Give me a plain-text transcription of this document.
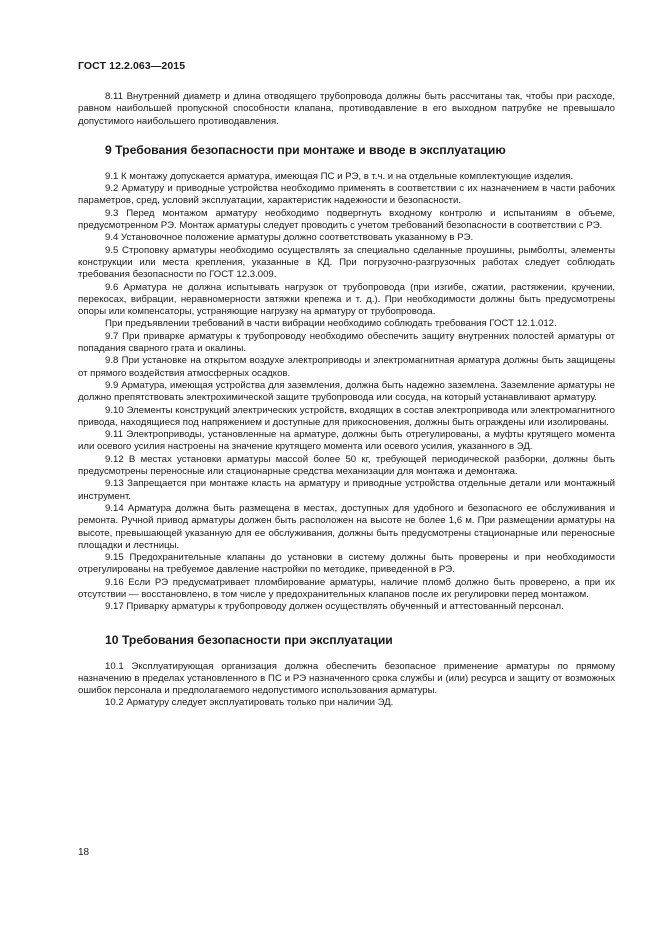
ГОСТ 12.2.063—2015

8.11 Внутренний диаметр и длина отводящего трубопровода должны быть рассчитаны так, чтобы при расходе, равном наибольшей пропускной способности клапана, противодавление в его выходном патрубке не превышало допустимого наибольшего противодавления.

9 Требования безопасности при монтаже и вводе в эксплуатацию

9.1 К монтажу допускается арматура, имеющая ПС и РЭ, в т.ч. и на отдельные комплектующие изделия.

9.2 Арматуру и приводные устройства необходимо применять в соответствии с их назначением в части рабочих параметров, сред, условий эксплуатации, характеристик надежности и безопасности.

9.3 Перед монтажом арматуру необходимо подвергнуть входному контролю и испытаниям в объеме, предусмотренном РЭ. Монтаж арматуры следует проводить с учетом требований безопасности в соответствии с РЭ.

9.4 Установочное положение арматуры должно соответствовать указанному в РЭ.

9.5 Строповку арматуры необходимо осуществлять за специально сделанные проушины, рымболты, элементы конструкции или места крепления, указанные в КД. При погрузочно-разгрузочных работах следует соблюдать требования безопасности по ГОСТ 12.3.009.

9.6 Арматура не должна испытывать нагрузок от трубопровода (при изгибе, сжатии, растяжении, кручении, перекосах, вибрации, неравномерности затяжки крепежа и т. д.). При необходимости должны быть предусмотрены опоры или компенсаторы, устраняющие нагрузку на арматуру от трубопровода.

При предъявлении требований в части вибрации необходимо соблюдать требования ГОСТ 12.1.012.

9.7 При приварке арматуры к трубопроводу необходимо обеспечить защиту внутренних полостей арматуры от попадания сварного грата и окалины.

9.8 При установке на открытом воздухе электроприводы и электромагнитная арматура должны быть защищены от прямого воздействия атмосферных осадков.

9.9 Арматура, имеющая устройства для заземления, должна быть надежно заземлена. Заземление арматуры не должно препятствовать электрохимической защите трубопровода или сосуда, на который устанавливают арматуру.

9.10 Элементы конструкций электрических устройств, входящих в состав электропривода или электромагнитного привода, находящиеся под напряжением и доступные для прикосновения, должны быть ограждены или изолированы.

9.11 Электроприводы, установленные на арматуре, должны быть отрегулированы, а муфты крутящего момента или осевого усилия настроены на значение крутящего момента или осевого усилия, указанного в ЭД.

9.12 В местах установки арматуры массой более 50 кг, требующей периодической разборки, должны быть предусмотрены переносные или стационарные средства механизации для монтажа и демонтажа.

9.13 Запрещается при монтаже класть на арматуру и приводные устройства отдельные детали или монтажный инструмент.

9.14 Арматура должна быть размещена в местах, доступных для удобного и безопасного ее обслуживания и ремонта. Ручной привод арматуры должен быть расположен на высоте не более 1,6 м. При размещении арматуры на высоте, превышающей указанную для ее обслуживания, должны быть предусмотрены стационарные или переносные площадки и лестницы.

9.15 Предохранительные клапаны до установки в систему должны быть проверены и при необходимости отрегулированы на требуемое давление настройки по методике, приведенной в РЭ.

9.16 Если РЭ предусматривает пломбирование арматуры, наличие пломб должно быть проверено, а при их отсутствии — восстановлено, в том числе у предохранительных клапанов после их регулировки перед монтажом.

9.17 Приварку арматуры к трубопроводу должен осуществлять обученный и аттестованный персонал.

10 Требования безопасности при эксплуатации

10.1 Эксплуатирующая организация должна обеспечить безопасное применение арматуры по прямому назначению в пределах установленного в ПС и РЭ назначенного срока службы и (или) ресурса и защиту от возможных ошибок персонала и предполагаемого недопустимого использования арматуры.

10.2 Арматуру следует эксплуатировать только при наличии ЭД.

18
